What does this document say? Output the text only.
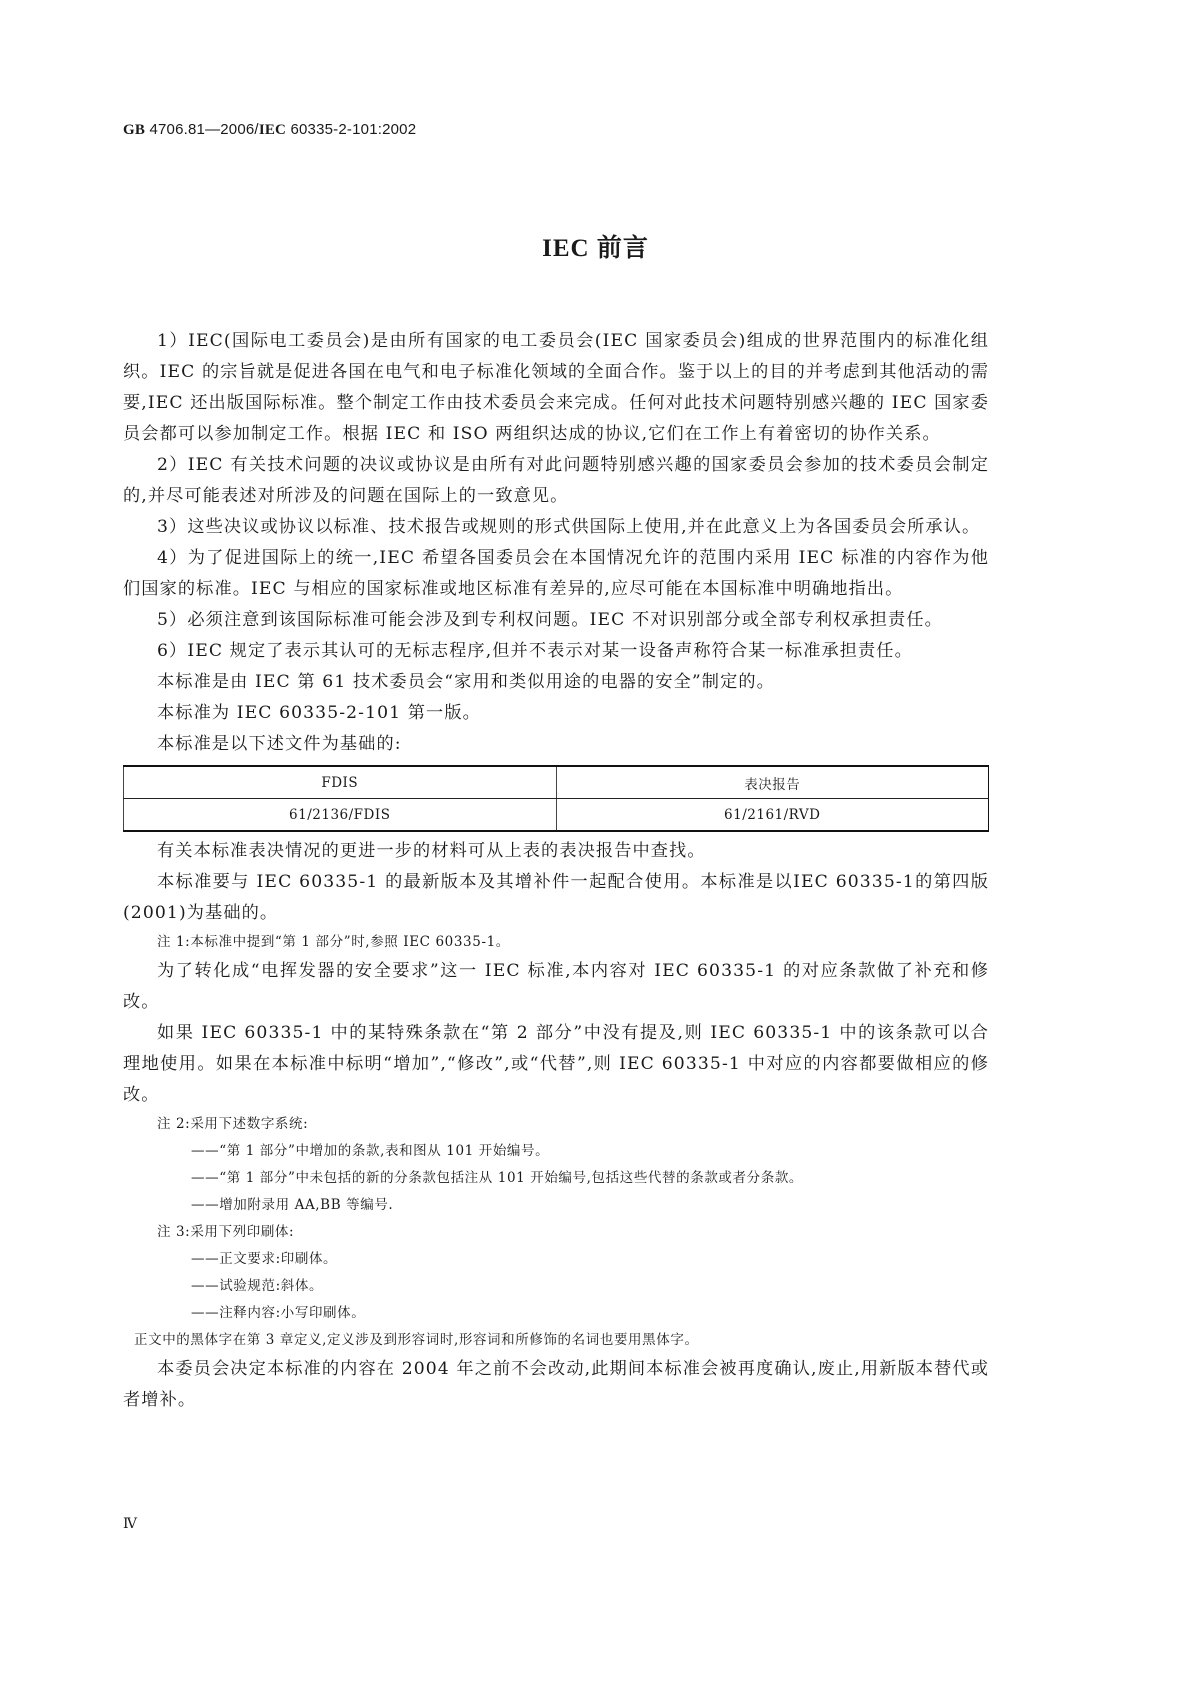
GB 4706.81—2006/IEC 60335-2-101:2002
IEC 前言

1）IEC(国际电工委员会)是由所有国家的电工委员会(IEC 国家委员会)组成的世界范围内的标准化组织。IEC 的宗旨就是促进各国在电气和电子标准化领域的全面合作。鉴于以上的目的并考虑到其他活动的需要,IEC 还出版国际标准。整个制定工作由技术委员会来完成。任何对此技术问题特别感兴趣的 IEC 国家委员会都可以参加制定工作。根据 IEC 和 ISO 两组织达成的协议,它们在工作上有着密切的协作关系。

2）IEC 有关技术问题的决议或协议是由所有对此问题特别感兴趣的国家委员会参加的技术委员会制定的,并尽可能表述对所涉及的问题在国际上的一致意见。

3）这些决议或协议以标准、技术报告或规则的形式供国际上使用,并在此意义上为各国委员会所承认。

4）为了促进国际上的统一,IEC 希望各国委员会在本国情况允许的范围内采用 IEC 标准的内容作为他们国家的标准。IEC 与相应的国家标准或地区标准有差异的,应尽可能在本国标准中明确地指出。

5）必须注意到该国际标准可能会涉及到专利权问题。IEC 不对识别部分或全部专利权承担责任。

6）IEC 规定了表示其认可的无标志程序,但并不表示对某一设备声称符合某一标准承担责任。

本标准是由 IEC 第 61 技术委员会“家用和类似用途的电器的安全”制定的。

本标准为 IEC 60335-2-101 第一版。

本标准是以下述文件为基础的:

FDIS	表决报告
61/2136/FDIS	61/2161/RVD

有关本标准表决情况的更进一步的材料可从上表的表决报告中查找。

本标准要与 IEC 60335-1 的最新版本及其增补件一起配合使用。本标准是以IEC 60335-1的第四版(2001)为基础的。

注 1:本标准中提到“第 1 部分”时,参照 IEC 60335-1。

为了转化成“电挥发器的安全要求”这一 IEC 标准,本内容对 IEC 60335-1 的对应条款做了补充和修改。

如果 IEC 60335-1 中的某特殊条款在“第 2 部分”中没有提及,则 IEC 60335-1 中的该条款可以合理地使用。如果在本标准中标明“增加”,“修改”,或“代替”,则 IEC 60335-1 中对应的内容都要做相应的修改。

注 2:采用下述数字系统:

——“第 1 部分”中增加的条款,表和图从 101 开始编号。

——“第 1 部分”中未包括的新的分条款包括注从 101 开始编号,包括这些代替的条款或者分条款。

——增加附录用 AA,BB 等编号.

注 3:采用下列印刷体:

——正文要求:印刷体。

——试验规范:斜体。

——注释内容:小写印刷体。

正文中的黑体字在第 3 章定义,定义涉及到形容词时,形容词和所修饰的名词也要用黑体字。

本委员会决定本标准的内容在 2004 年之前不会改动,此期间本标准会被再度确认,废止,用新版本替代或者增补。

Ⅳ
